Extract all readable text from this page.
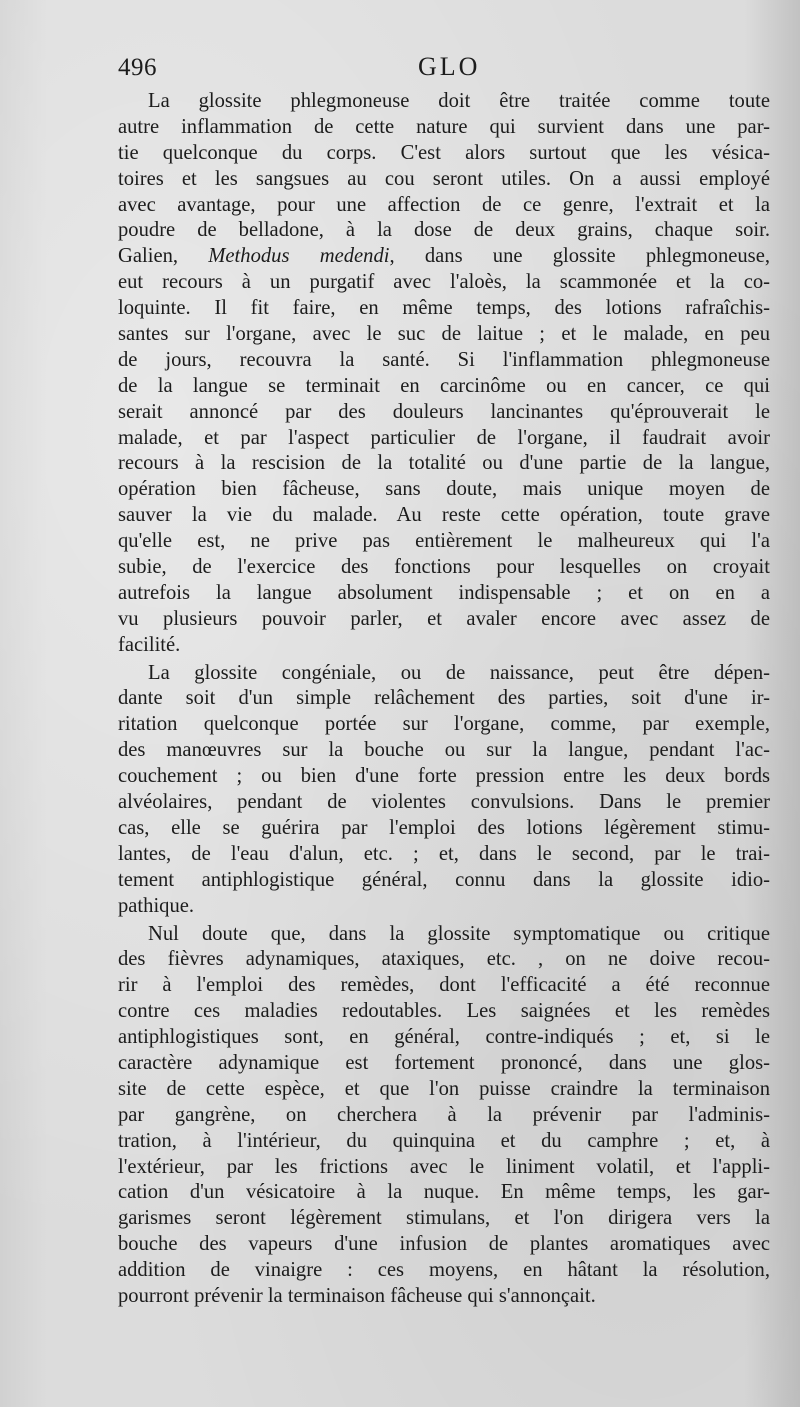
496	GLO
La glossite phlegmoneuse doit être traitée comme toute
autre inflammation de cette nature qui survient dans une par-
tie quelconque du corps. C'est alors surtout que les vésica-
toires et les sangsues au cou seront utiles. On a aussi employé
avec avantage, pour une affection de ce genre, l'extrait et la
poudre de belladone, à la dose de deux grains, chaque soir.
Galien, Methodus medendi, dans une glossite phlegmoneuse,
eut recours à un purgatif avec l'aloès, la scammonée et la co-
loquinte. Il fit faire, en même temps, des lotions rafraîchis-
santes sur l'organe, avec le suc de laitue ; et le malade, en peu
de jours, recouvra la santé. Si l'inflammation phlegmoneuse
de la langue se terminait en carcinôme ou en cancer, ce qui
serait annoncé par des douleurs lancinantes qu'éprouverait le
malade, et par l'aspect particulier de l'organe, il faudrait avoir
recours à la rescision de la totalité ou d'une partie de la langue,
opération bien fâcheuse, sans doute, mais unique moyen de
sauver la vie du malade. Au reste cette opération, toute grave
qu'elle est, ne prive pas entièrement le malheureux qui l'a
subie, de l'exercice des fonctions pour lesquelles on croyait
autrefois la langue absolument indispensable ; et on en a
vu plusieurs pouvoir parler, et avaler encore avec assez de
facilité.
La glossite congéniale, ou de naissance, peut être dépen-
dante soit d'un simple relâchement des parties, soit d'une ir-
ritation quelconque portée sur l'organe, comme, par exemple,
des manœuvres sur la bouche ou sur la langue, pendant l'ac-
couchement ; ou bien d'une forte pression entre les deux bords
alvéolaires, pendant de violentes convulsions. Dans le premier
cas, elle se guérira par l'emploi des lotions légèrement stimu-
lantes, de l'eau d'alun, etc. ; et, dans le second, par le trai-
tement antiphlogistique général, connu dans la glossite idio-
pathique.
Nul doute que, dans la glossite symptomatique ou critique
des fièvres adynamiques, ataxiques, etc. , on ne doive recou-
rir à l'emploi des remèdes, dont l'efficacité a été reconnue
contre ces maladies redoutables. Les saignées et les remèdes
antiphlogistiques sont, en général, contre-indiqués ; et, si le
caractère adynamique est fortement prononcé, dans une glos-
site de cette espèce, et que l'on puisse craindre la terminaison
par gangrène, on cherchera à la prévenir par l'adminis-
tration, à l'intérieur, du quinquina et du camphre ; et, à
l'extérieur, par les frictions avec le liniment volatil, et l'appli-
cation d'un vésicatoire à la nuque. En même temps, les gar-
garismes seront légèrement stimulans, et l'on dirigera vers la
bouche des vapeurs d'une infusion de plantes aromatiques avec
addition de vinaigre : ces moyens, en hâtant la résolution,
pourront prévenir la terminaison fâcheuse qui s'annonçait.
